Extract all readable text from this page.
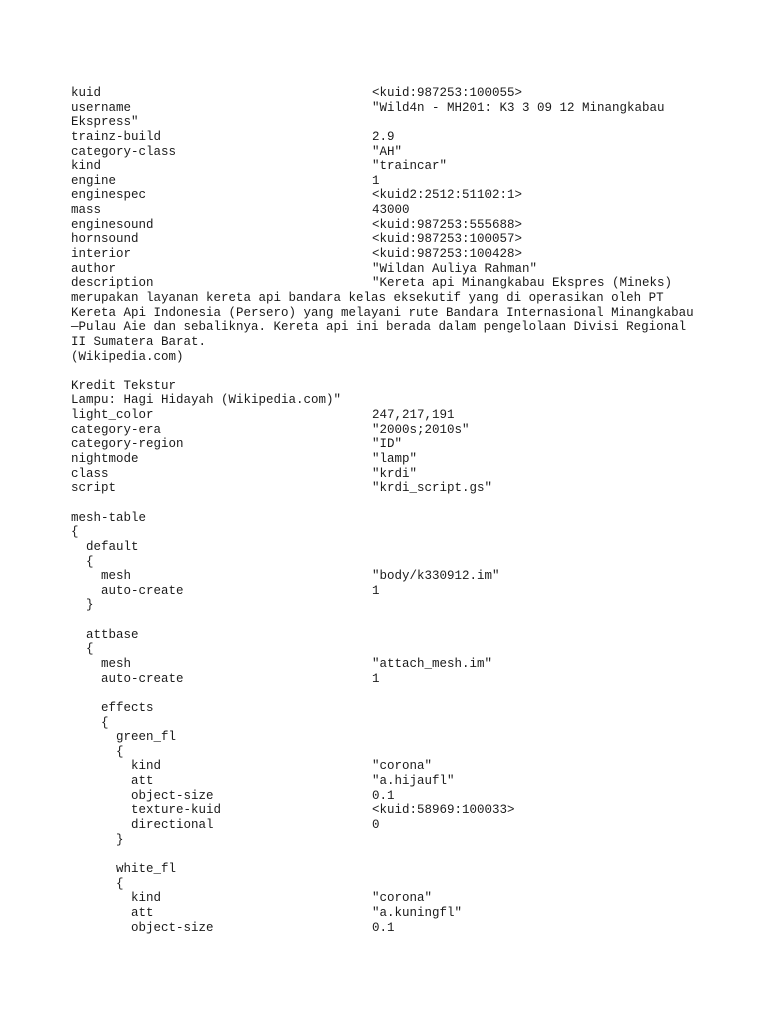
kuid	<kuid:987253:100055>
username	"Wild4n - MH201: K3 3 09 12 Minangkabau
Ekspress"
trainz-build	2.9
category-class	"AH"
kind	"traincar"
engine	1
enginespec	<kuid2:2512:51102:1>
mass	43000
enginesound	<kuid:987253:555688>
hornsound	<kuid:987253:100057>
interior	<kuid:987253:100428>
author	"Wildan Auliya Rahman"
description	"Kereta api Minangkabau Ekspres (Mineks)
merupakan layanan kereta api bandara kelas eksekutif yang di operasikan oleh PT
Kereta Api Indonesia (Persero) yang melayani rute Bandara Internasional Minangkabau
—Pulau Aie dan sebaliknya. Kereta api ini berada dalam pengelolaan Divisi Regional
II Sumatera Barat.
(Wikipedia.com)
Kredit Tekstur
Lampu: Hagi Hidayah (Wikipedia.com)"
light_color	247,217,191
category-era	"2000s;2010s"
category-region	"ID"
nightmode	"lamp"
class	"krdi"
script	"krdi_script.gs"
mesh-table
{
default
{
mesh	"body/k330912.im"
auto-create	1
}
attbase
{
mesh	"attach_mesh.im"
auto-create	1
effects
{
green_fl
{
kind	"corona"
att	"a.hijaufl"
object-size	0.1
texture-kuid	<kuid:58969:100033>
directional	0
}
white_fl
{
kind	"corona"
att	"a.kuningfl"
object-size	0.1
